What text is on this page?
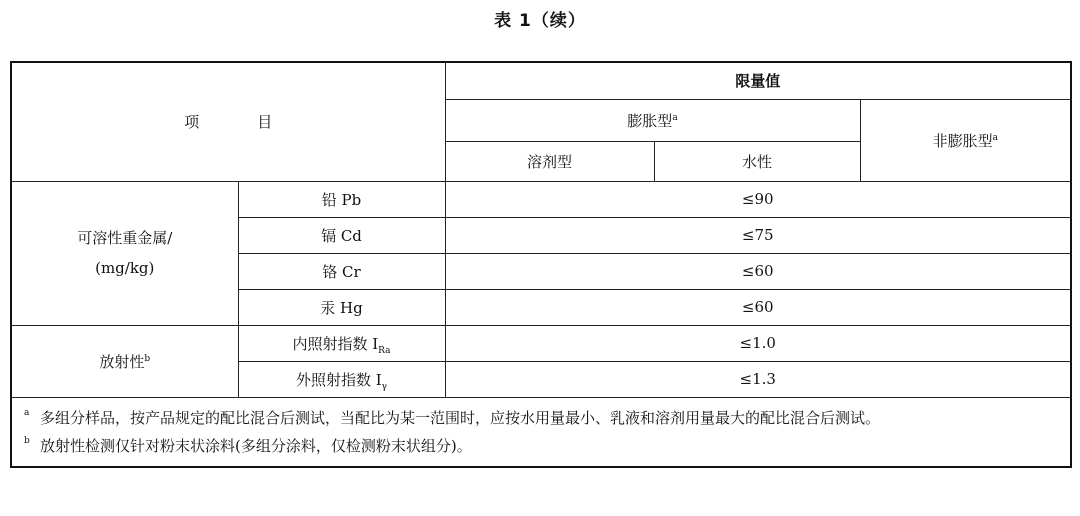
表 1（续）
项 目		限量值		
		膨胀型$^a$		非膨胀型$^a$
		溶剂型	水性	

可溶性重金属/
(mg/kg)	铅 Pb	≤90		
	镉 Cd	≤75		
	铬 Cr	≤60		
	汞 Hg	≤60		
放射性$^b$	内照射指数 $I_{Ra}$	≤1.0		
	外照射指数 $I_\gamma$	≤1.3		

a 多组分样品，按产品规定的配比混合后测试，当配比为某一范围时，应按水用量最小、乳液和溶剂用量最大的配比混合后测试。
b 放射性检测仅针对粉末状涂料(多组分涂料，仅检测粉末状组分)。				
